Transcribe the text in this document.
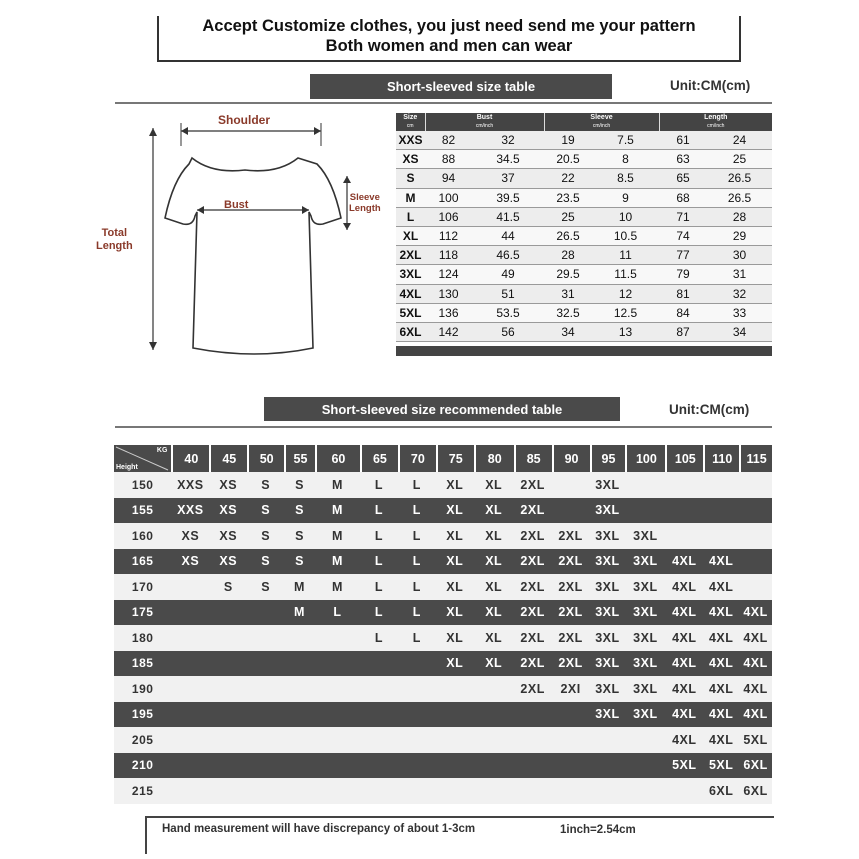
Accept Customize clothes, you just need send me your pattern
Both women and men can wear
Short-sleeved size table	Unit:CM(cm)
Shoulder
Bust
Sleeve
Length
Total
Length
Size
cm	Bust
cm/inch		Sleeve
cm/inch		Length
cm/inch	

XXS	82	32	19	7.5	61	24
XS	88	34.5	20.5	8	63	25
S	94	37	22	8.5	65	26.5
M	100	39.5	23.5	9	68	26.5
L	106	41.5	25	10	71	28
XL	112	44	26.5	10.5	74	29
2XL	118	46.5	28	11	77	30
3XL	124	49	29.5	11.5	79	31
4XL	130	51	31	12	81	32
5XL	136	53.5	32.5	12.5	84	33
6XL	142	56	34	13	87	34
Short-sleeved size recommended table	Unit:CM(cm)
KG
Height	40	45	50	55	60	65	70	75	80	85	90	95	100	105	110	115
150	XXS	XS	S	S	M	L	L	XL	XL	2XL		3XL				
155	XXS	XS	S	S	M	L	L	XL	XL	2XL		3XL				
160	XS	XS	S	S	M	L	L	XL	XL	2XL	2XL	3XL	3XL			
165	XS	XS	S	S	M	L	L	XL	XL	2XL	2XL	3XL	3XL	4XL	4XL	
170		S	S	M	M	L	L	XL	XL	2XL	2XL	3XL	3XL	4XL	4XL	
175				M	L	L	L	XL	XL	2XL	2XL	3XL	3XL	4XL	4XL	4XL
180						L	L	XL	XL	2XL	2XL	3XL	3XL	4XL	4XL	4XL
185								XL	XL	2XL	2XL	3XL	3XL	4XL	4XL	4XL
190										2XL	2XI	3XL	3XL	4XL	4XL	4XL
195												3XL	3XL	4XL	4XL	4XL
205														4XL	4XL	5XL
210														5XL	5XL	6XL
215															6XL	6XL
Hand measurement will have discrepancy of about 1-3cm	1inch=2.54cm
